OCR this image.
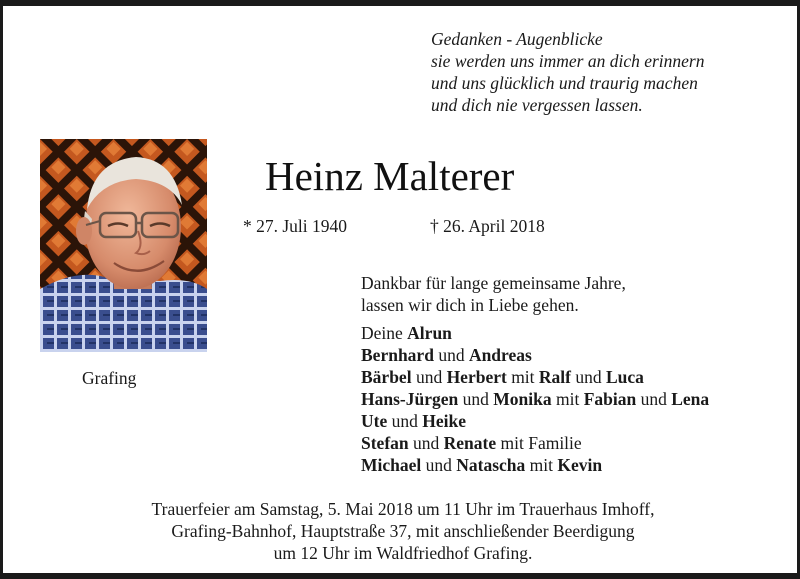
Gedanken - Augenblicke
sie werden uns immer an dich erinnern
und uns glücklich und traurig machen
und dich nie vergessen lassen.
Heinz Malterer
* 27. Juli 1940	† 26. April 2018
Grafing
Dankbar für lange gemeinsame Jahre,
lassen wir dich in Liebe gehen.
Deine Alrun
Bernhard und Andreas
Bärbel und Herbert mit Ralf und Luca
Hans-Jürgen und Monika mit Fabian und Lena
Ute und Heike
Stefan und Renate mit Familie
Michael und Natascha mit Kevin
Trauerfeier am Samstag, 5. Mai 2018 um 11 Uhr im Trauerhaus Imhoff,
Grafing-Bahnhof, Hauptstraße 37, mit anschließender Beerdigung
um 12 Uhr im Waldfriedhof Grafing.
